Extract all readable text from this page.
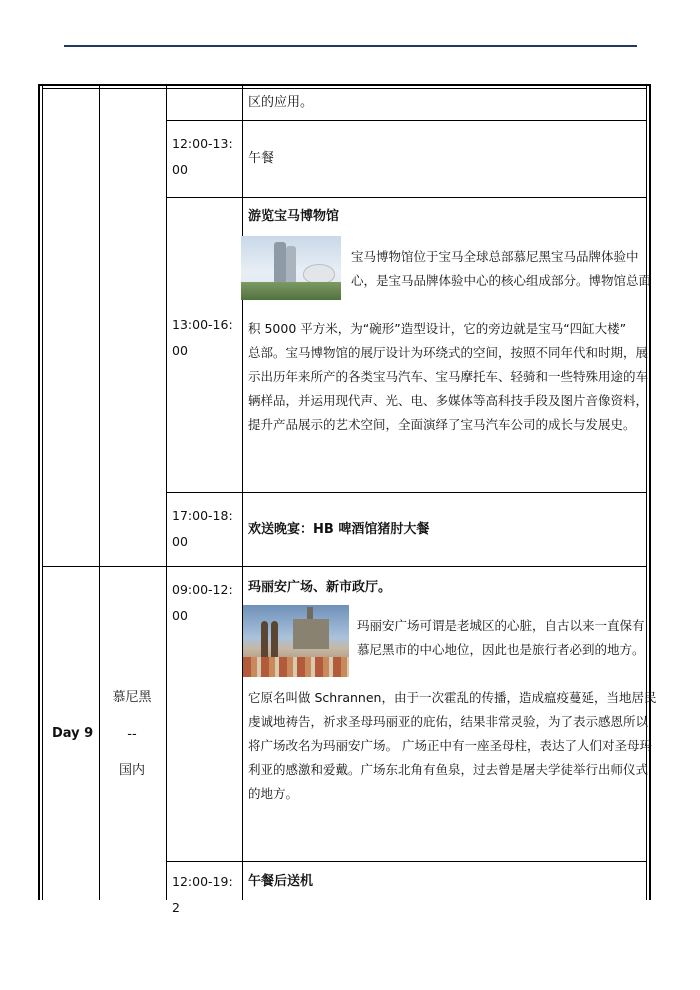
区的应用。
12:00-13:00
午餐
13:00-16:00
游览宝马博物馆
宝马博物馆位于宝马全球总部慕尼黑宝马品牌体验中
心，是宝马品牌体验中心的核心组成部分。博物馆总面
积 5000 平方米，为“碗形”造型设计，它的旁边就是宝马“四缸大楼”
总部。宝马博物馆的展厅设计为环绕式的空间，按照不同年代和时期，展
示出历年来所产的各类宝马汽车、宝马摩托车、轻骑和一些特殊用途的车
辆样品，并运用现代声、光、电、多媒体等高科技手段及图片音像资料，
提升产品展示的艺术空间，全面演绎了宝马汽车公司的成长与发展史。
17:00-18:00
欢送晚宴：HB 啤酒馆猪肘大餐
Day 9
慕尼黑
--
国内
09:00-12:00
玛丽安广场、新市政厅。
玛丽安广场可谓是老城区的心脏，自古以来一直保有
慕尼黑市的中心地位，因此也是旅行者必到的地方。
它原名叫做 Schrannen，由于一次霍乱的传播，造成瘟疫蔓延，当地居民
虔诚地祷告，祈求圣母玛丽亚的庇佑，结果非常灵验，为了表示感恩所以
将广场改名为玛丽安广场。 广场正中有一座圣母柱，表达了人们对圣母玛
利亚的感激和爱戴。广场东北角有鱼泉，过去曾是屠夫学徒举行出师仪式
的地方。
12:00-19:2
午餐后送机
